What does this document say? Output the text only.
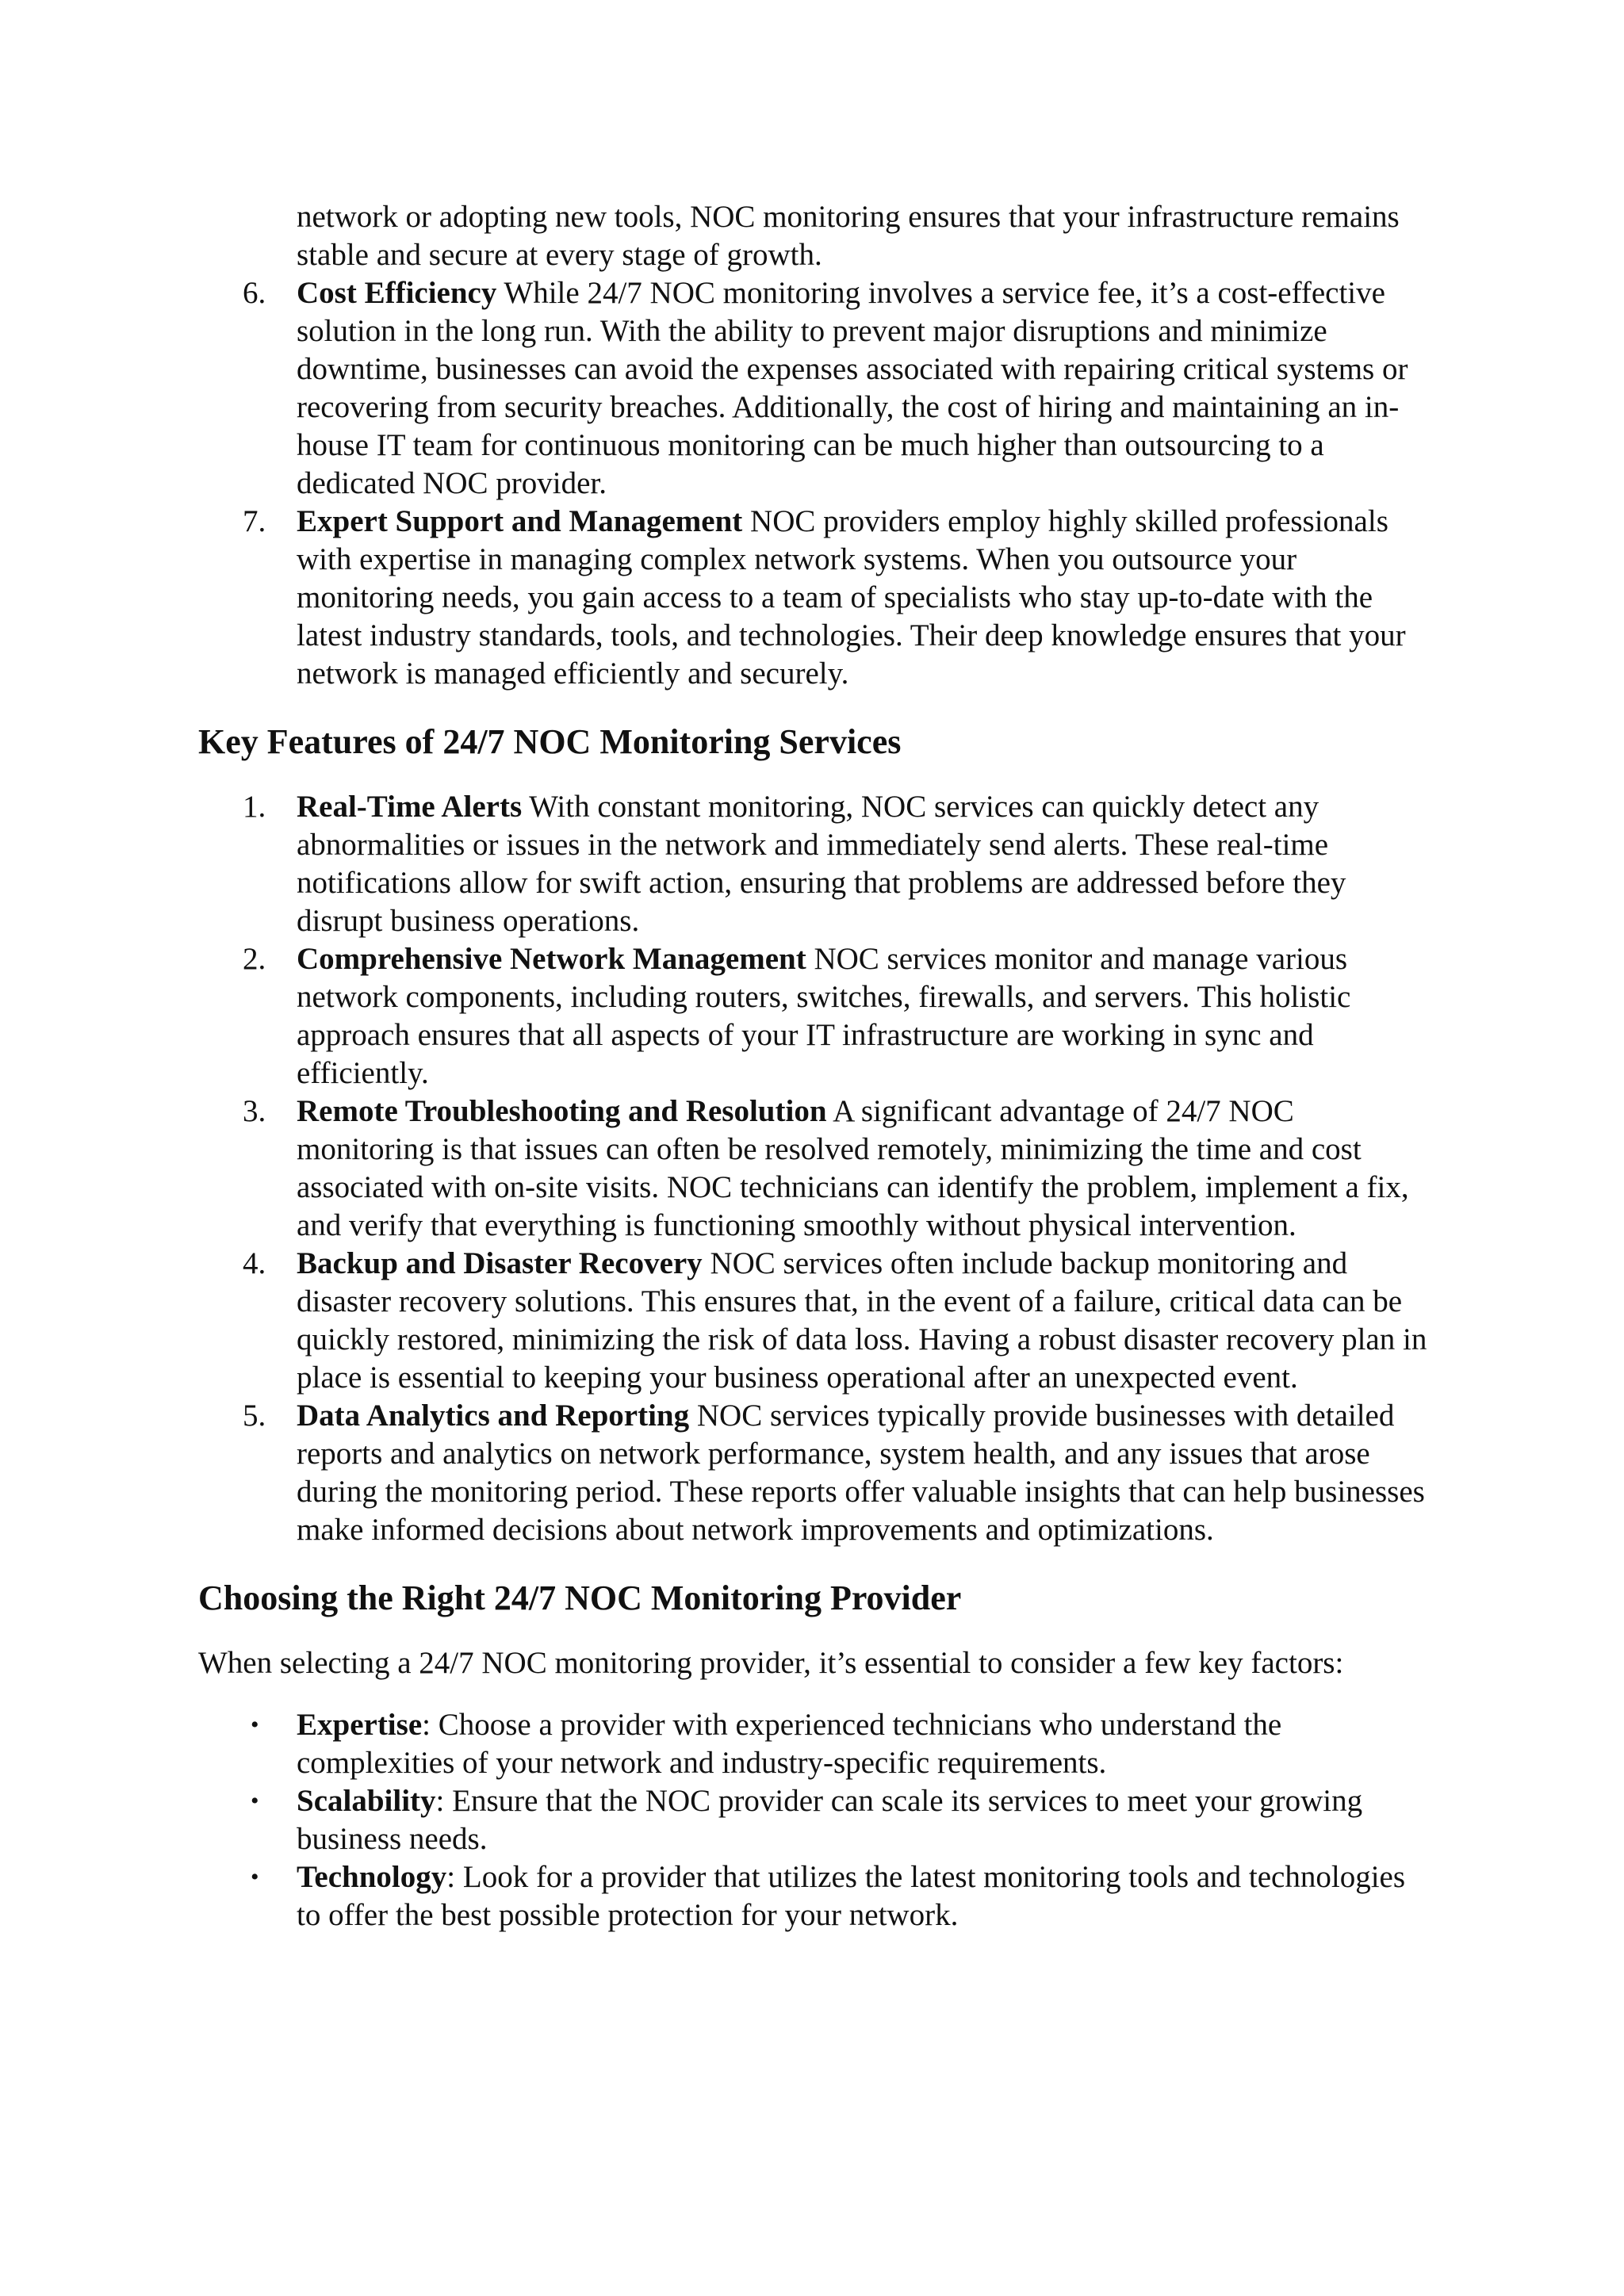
network or adopting new tools, NOC monitoring ensures that your infrastructure remains stable and secure at every stage of growth.
6. Cost Efficiency While 24/7 NOC monitoring involves a service fee, it’s a cost-effective solution in the long run. With the ability to prevent major disruptions and minimize downtime, businesses can avoid the expenses associated with repairing critical systems or recovering from security breaches. Additionally, the cost of hiring and maintaining an in-house IT team for continuous monitoring can be much higher than outsourcing to a dedicated NOC provider.
7. Expert Support and Management NOC providers employ highly skilled professionals with expertise in managing complex network systems. When you outsource your monitoring needs, you gain access to a team of specialists who stay up-to-date with the latest industry standards, tools, and technologies. Their deep knowledge ensures that your network is managed efficiently and securely.
Key Features of 24/7 NOC Monitoring Services
1. Real-Time Alerts With constant monitoring, NOC services can quickly detect any abnormalities or issues in the network and immediately send alerts. These real-time notifications allow for swift action, ensuring that problems are addressed before they disrupt business operations.
2. Comprehensive Network Management NOC services monitor and manage various network components, including routers, switches, firewalls, and servers. This holistic approach ensures that all aspects of your IT infrastructure are working in sync and efficiently.
3. Remote Troubleshooting and Resolution A significant advantage of 24/7 NOC monitoring is that issues can often be resolved remotely, minimizing the time and cost associated with on-site visits. NOC technicians can identify the problem, implement a fix, and verify that everything is functioning smoothly without physical intervention.
4. Backup and Disaster Recovery NOC services often include backup monitoring and disaster recovery solutions. This ensures that, in the event of a failure, critical data can be quickly restored, minimizing the risk of data loss. Having a robust disaster recovery plan in place is essential to keeping your business operational after an unexpected event.
5. Data Analytics and Reporting NOC services typically provide businesses with detailed reports and analytics on network performance, system health, and any issues that arose during the monitoring period. These reports offer valuable insights that can help businesses make informed decisions about network improvements and optimizations.
Choosing the Right 24/7 NOC Monitoring Provider

When selecting a 24/7 NOC monitoring provider, it’s essential to consider a few key factors:

• Expertise: Choose a provider with experienced technicians who understand the complexities of your network and industry-specific requirements.
• Scalability: Ensure that the NOC provider can scale its services to meet your growing business needs.
• Technology: Look for a provider that utilizes the latest monitoring tools and technologies to offer the best possible protection for your network.
